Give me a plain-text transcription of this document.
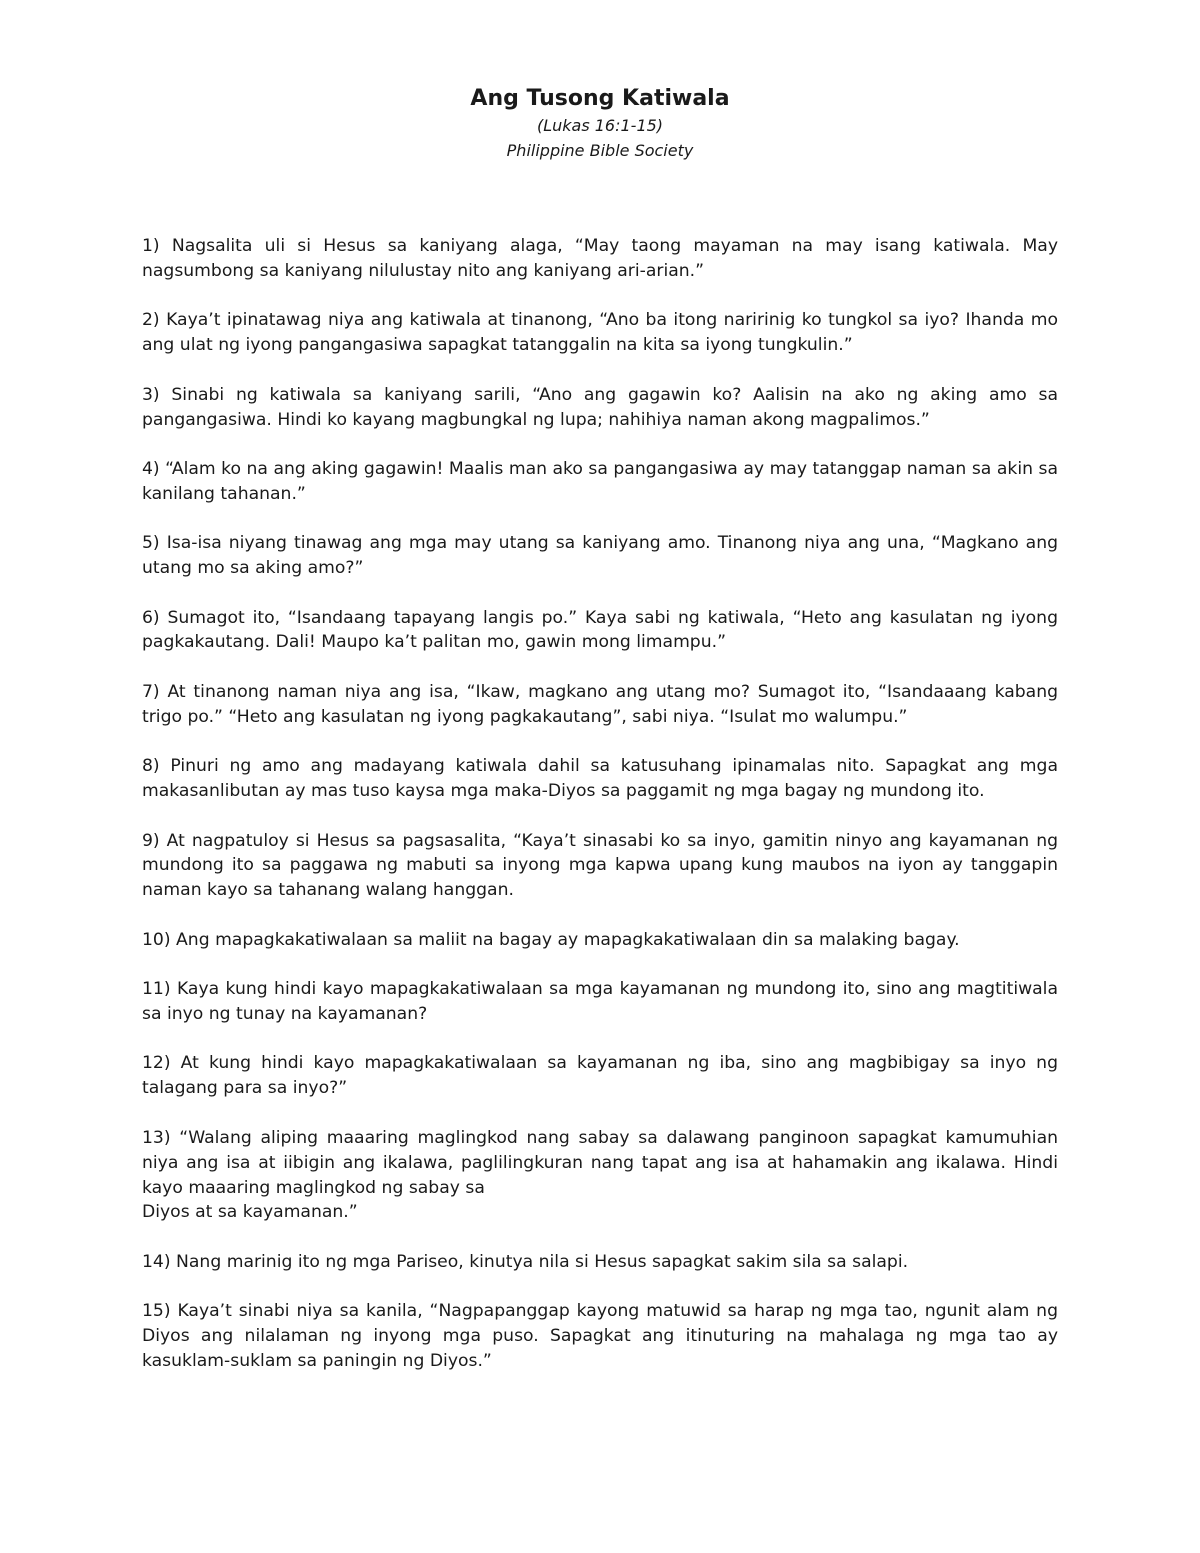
Ang Tusong Katiwala
(Lukas 16:1-15)
Philippine Bible Society

1) Nagsalita uli si Hesus sa kaniyang alaga, “May taong mayaman na may isang katiwala. May nagsumbong sa kaniyang nilulustay nito ang kaniyang ari-arian.”

2) Kaya’t ipinatawag niya ang katiwala at tinanong, “Ano ba itong naririnig ko tungkol sa iyo? Ihanda mo ang ulat ng iyong pangangasiwa sapagkat tatanggalin na kita sa iyong tungkulin.”

3) Sinabi ng katiwala sa kaniyang sarili, “Ano ang gagawin ko? Aalisin na ako ng aking amo sa pangangasiwa. Hindi ko kayang magbungkal ng lupa; nahihiya naman akong magpalimos.”

4) “Alam ko na ang aking gagawin! Maalis man ako sa pangangasiwa ay may tatanggap naman sa akin sa kanilang tahanan.”

5) Isa-isa niyang tinawag ang mga may utang sa kaniyang amo. Tinanong niya ang una, “Magkano ang utang mo sa aking amo?”

6) Sumagot ito, “Isandaang tapayang langis po.” Kaya sabi ng katiwala, “Heto ang kasulatan ng iyong pagkakautang. Dali! Maupo ka’t palitan mo, gawin mong limampu.”

7) At tinanong naman niya ang isa, “Ikaw, magkano ang utang mo? Sumagot ito, “Isandaaang kabang trigo po.” “Heto ang kasulatan ng iyong pagkakautang”, sabi niya. “Isulat mo walumpu.”

8) Pinuri ng amo ang madayang katiwala dahil sa katusuhang ipinamalas nito. Sapagkat ang mga makasanlibutan ay mas tuso kaysa mga maka-Diyos sa paggamit ng mga bagay ng mundong ito.

9) At nagpatuloy si Hesus sa pagsasalita, “Kaya’t sinasabi ko sa inyo, gamitin ninyo ang kayamanan ng mundong ito sa paggawa ng mabuti sa inyong mga kapwa upang kung maubos na iyon ay tanggapin naman kayo sa tahanang walang hanggan.

10) Ang mapagkakatiwalaan sa maliit na bagay ay mapagkakatiwalaan din sa malaking bagay.

11) Kaya kung hindi kayo mapagkakatiwalaan sa mga kayamanan ng mundong ito, sino ang magtitiwala sa inyo ng tunay na kayamanan?

12) At kung hindi kayo mapagkakatiwalaan sa kayamanan ng iba, sino ang magbibigay sa inyo ng talagang para sa inyo?”

13) “Walang aliping maaaring maglingkod nang sabay sa dalawang panginoon sapagkat kamumuhian niya ang isa at iibigin ang ikalawa, paglilingkuran nang tapat ang isa at hahamakin ang ikalawa. Hindi kayo maaaring maglingkod ng sabay sa
Diyos at sa kayamanan.”

14) Nang marinig ito ng mga Pariseo, kinutya nila si Hesus sapagkat sakim sila sa salapi.

15) Kaya’t sinabi niya sa kanila, “Nagpapanggap kayong matuwid sa harap ng mga tao, ngunit alam ng Diyos ang nilalaman ng inyong mga puso. Sapagkat ang itinuturing na mahalaga ng mga tao ay kasuklam-suklam sa paningin ng Diyos.”
